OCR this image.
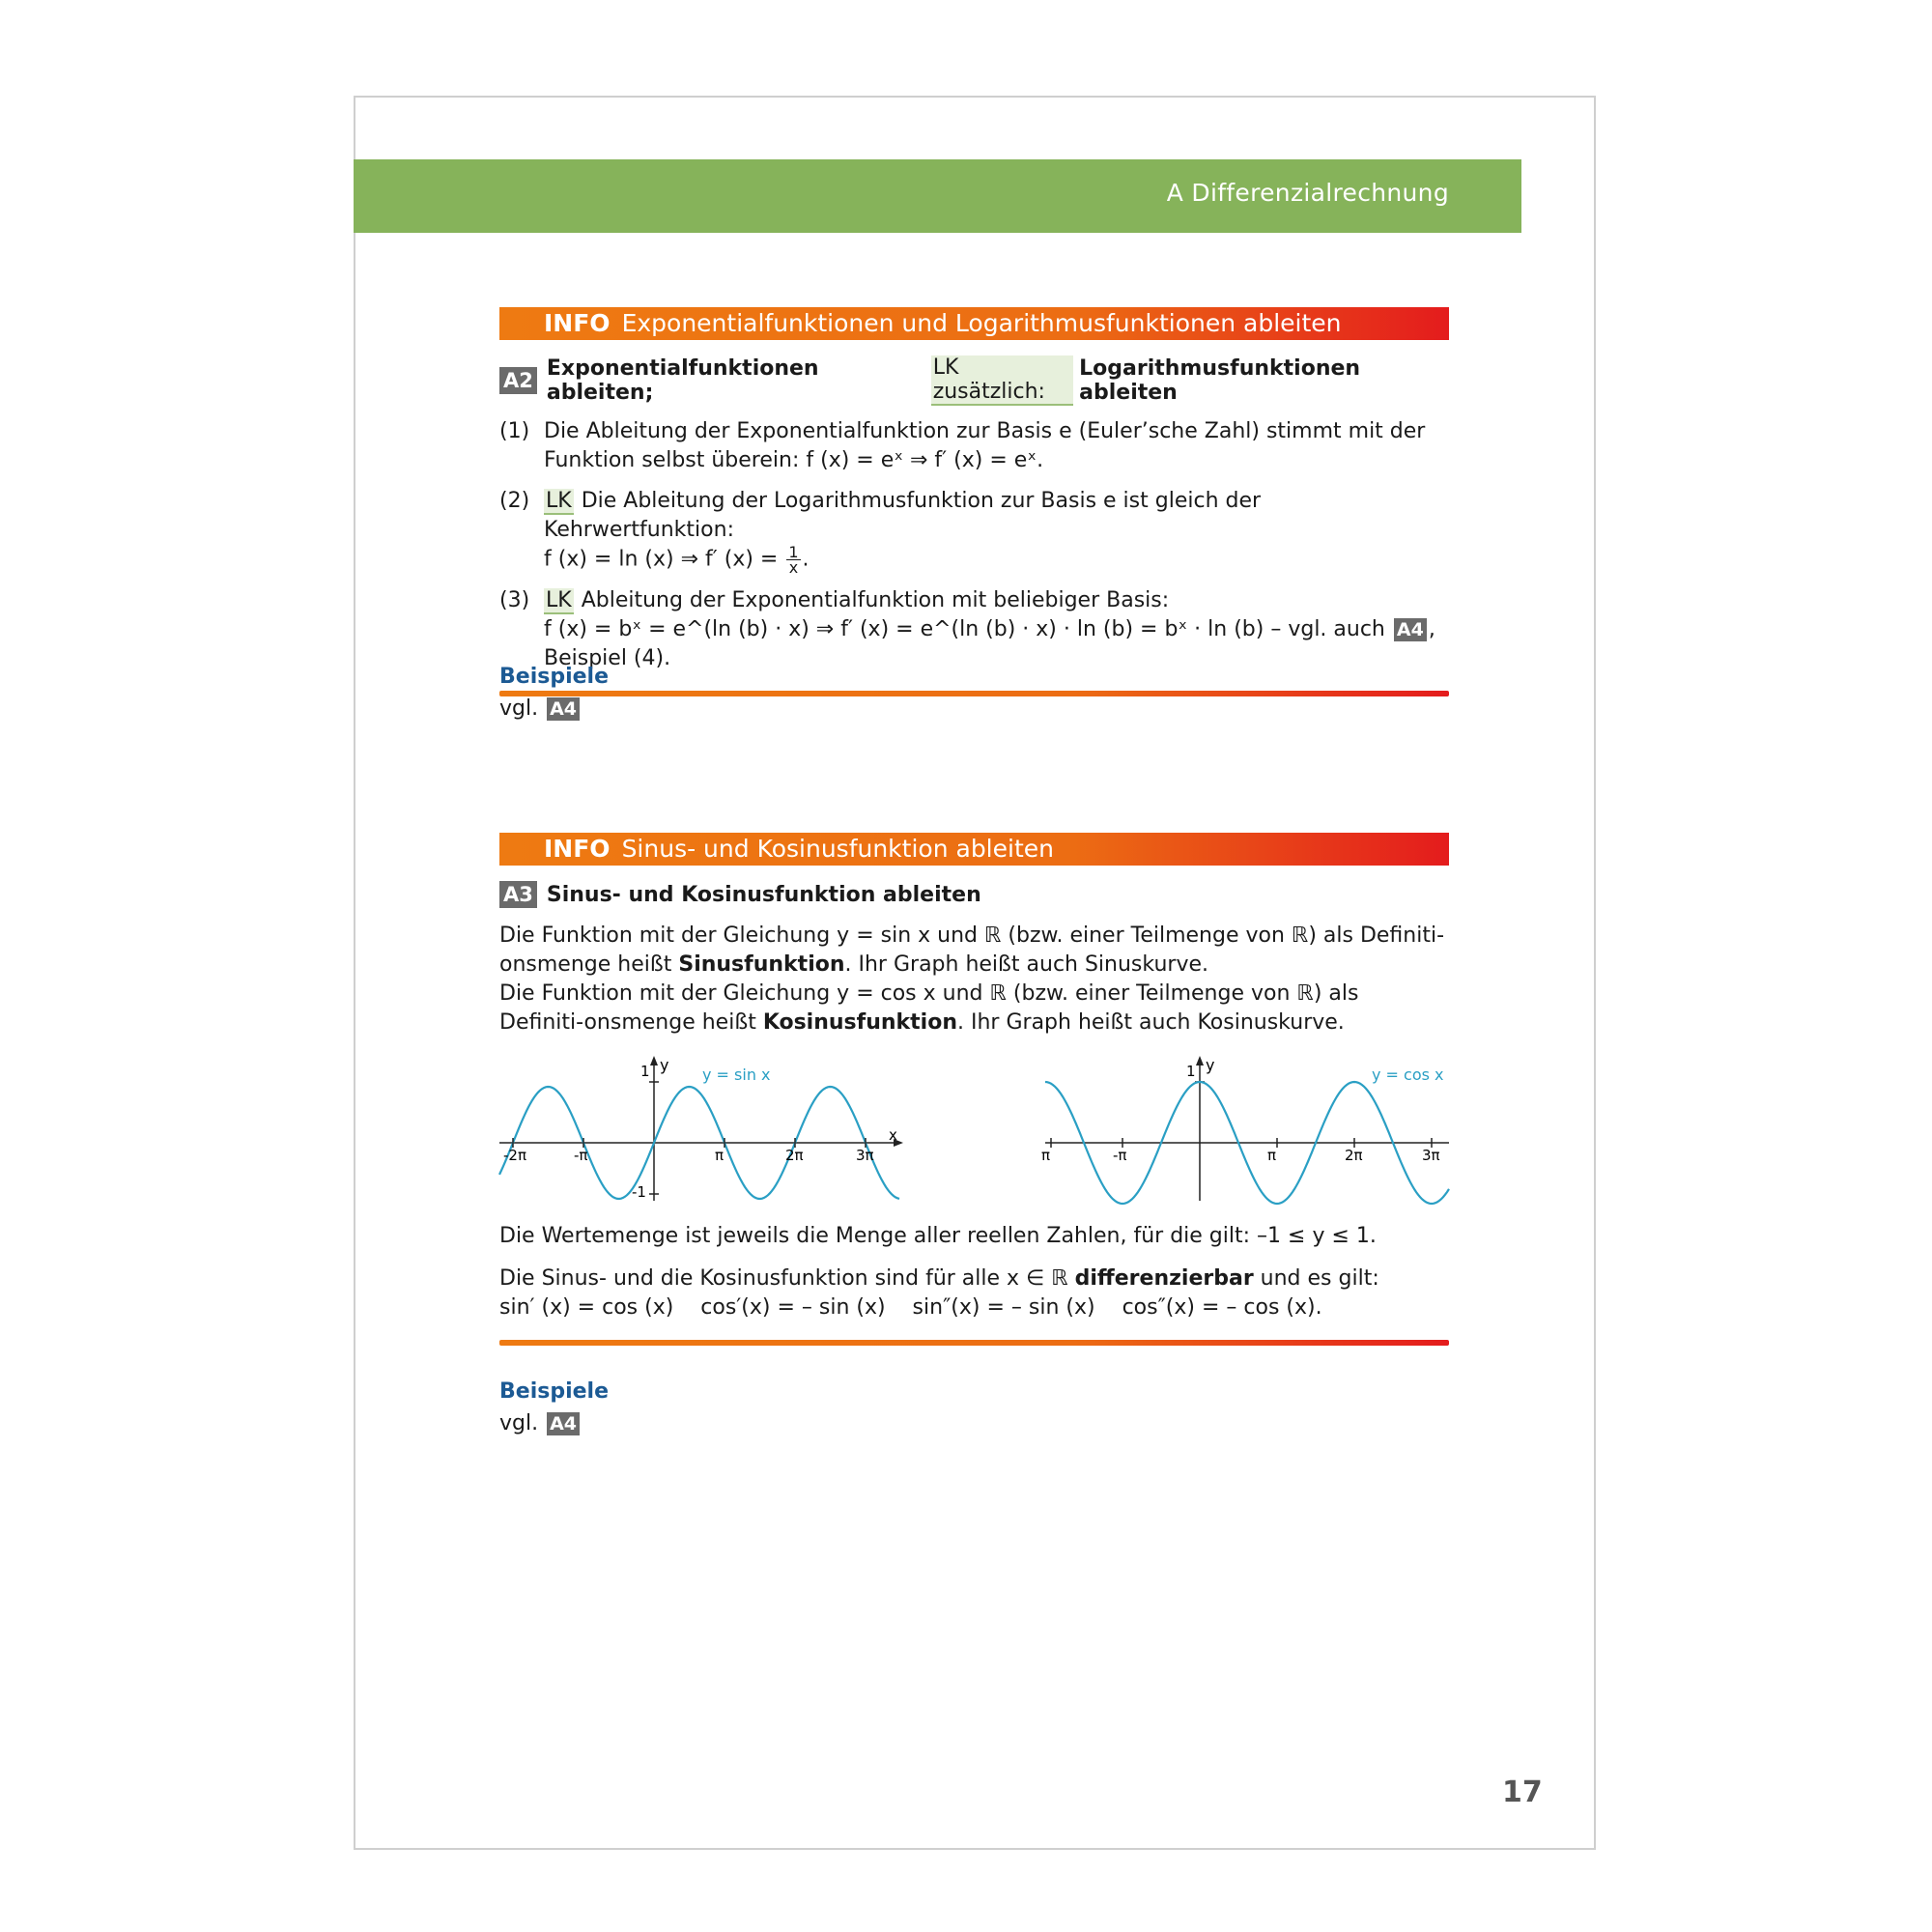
A Differenzialrechnung
INFO Exponentialfunktionen und Logarithmusfunktionen ableiten
A2 Exponentialfunktionen ableiten;

LK zusätzlich:
Logarithmusfunktionen ableiten
(1) Die Ableitung der Exponentialfunktion zur Basis e (Euler’sche Zahl) stimmt mit der Funktion selbst überein: f (x) = eˣ ⇒ f′ (x) = eˣ.
(2) LK Die Ableitung der Logarithmusfunktion zur Basis e ist gleich der Kehrwertfunktion:
f (x) = ln (x) ⇒ f′ $(x) = \frac{1}{x}$ .
(3) LK Ableitung der Exponentialfunktion mit beliebiger Basis:
f (x) = bˣ = e^(ln (b) · x) ⇒ f′ (x) = e^(ln (b) · x) · ln (b) = bˣ · ln (b) – vgl. auch A4 , Beispiel (4).
Beispiele
vgl. A4
INFO Sinus- und Kosinusfunktion ableiten
A3 Sinus- und Kosinusfunktion ableiten
Die Funktion mit der Gleichung y = sin x und ℝ (bzw. einer Teilmenge von ℝ) als Definiti-onsmenge heißt Sinusfunktion. Ihr Graph heißt auch Sinuskurve.
Die Funktion mit der Gleichung y = cos x und ℝ (bzw. einer Teilmenge von ℝ) als Definiti-onsmenge heißt Kosinusfunktion. Ihr Graph heißt auch Kosinuskurve.
1 y
-1
x
y = sin x
-2π	-π	π	2π	3π
1 y
y = cos x
π	-π	π	2π	3π
Die Wertemenge ist jeweils die Menge aller reellen Zahlen, für die gilt: –1 ≤ y ≤ 1.
Die Sinus- und die Kosinusfunktion sind für alle x ∈ ℝ differenzierbar und es gilt:
sin′ (x) = cos (x)    cos′(x) = – sin (x)    sin″(x) = – sin (x)    cos″(x) = – cos (x).
Beispiele
vgl. A4
17
